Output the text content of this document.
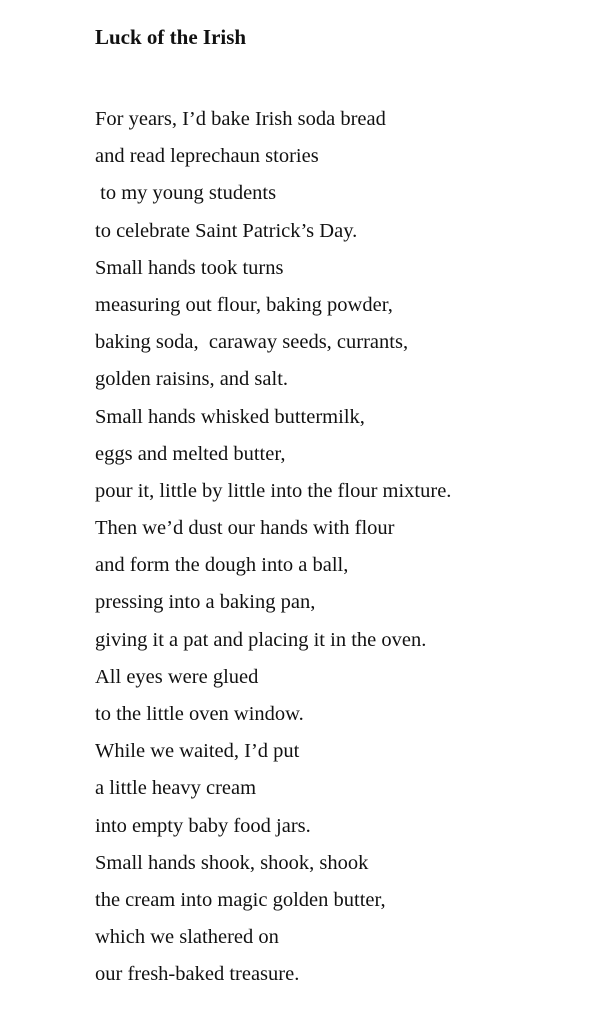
Luck of the Irish
For years, I’d bake Irish soda bread
and read leprechaun stories
to my young students
to celebrate Saint Patrick’s Day.
Small hands took turns
measuring out flour, baking powder,
baking soda,  caraway seeds, currants,
golden raisins, and salt.
Small hands whisked buttermilk,
eggs and melted butter,
pour it, little by little into the flour mixture.
Then we’d dust our hands with flour
and form the dough into a ball,
pressing into a baking pan,
giving it a pat and placing it in the oven.
All eyes were glued
to the little oven window.
While we waited, I’d put
a little heavy cream
into empty baby food jars.
Small hands shook, shook, shook
the cream into magic golden butter,
which we slathered on
our fresh-baked treasure.
